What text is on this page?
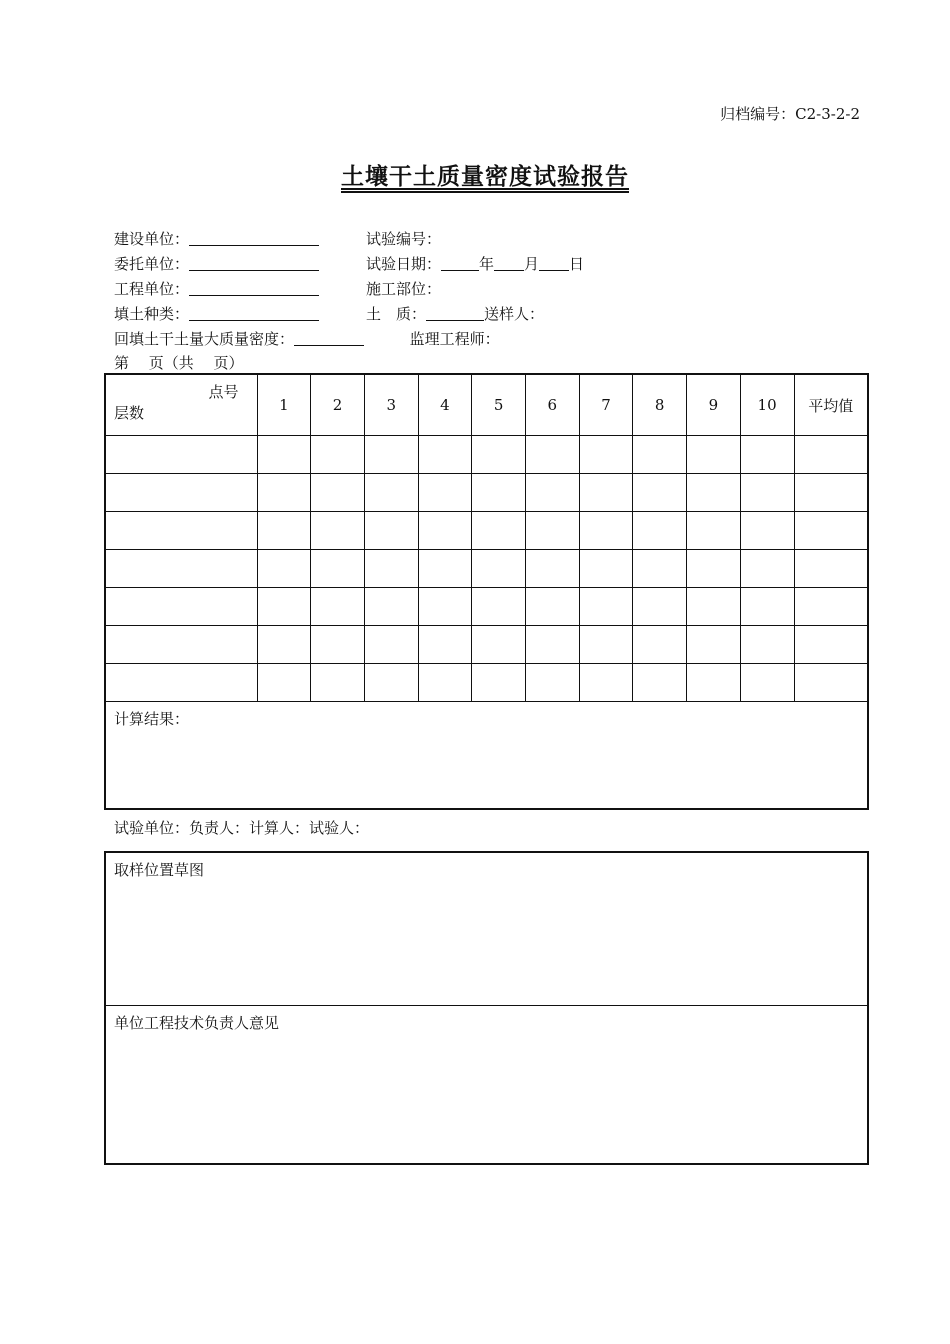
归档编号：C2-3-2-2
土壤干土质量密度试验报告
建设单位：
委托单位：
工程单位：
填土种类：
回填土干土量大质量密度：	监理工程师：
第　 页（共　 页）
试验编号：
试验日期：	年 月 日
施工部位：
土　质：	送样人：
点号
层数	1	2	3	4	5	6	7	8	9	10	平均值

计算结果：											
试验单位：负责人：计算人：试验人：
取样位置草图
单位工程技术负责人意见
